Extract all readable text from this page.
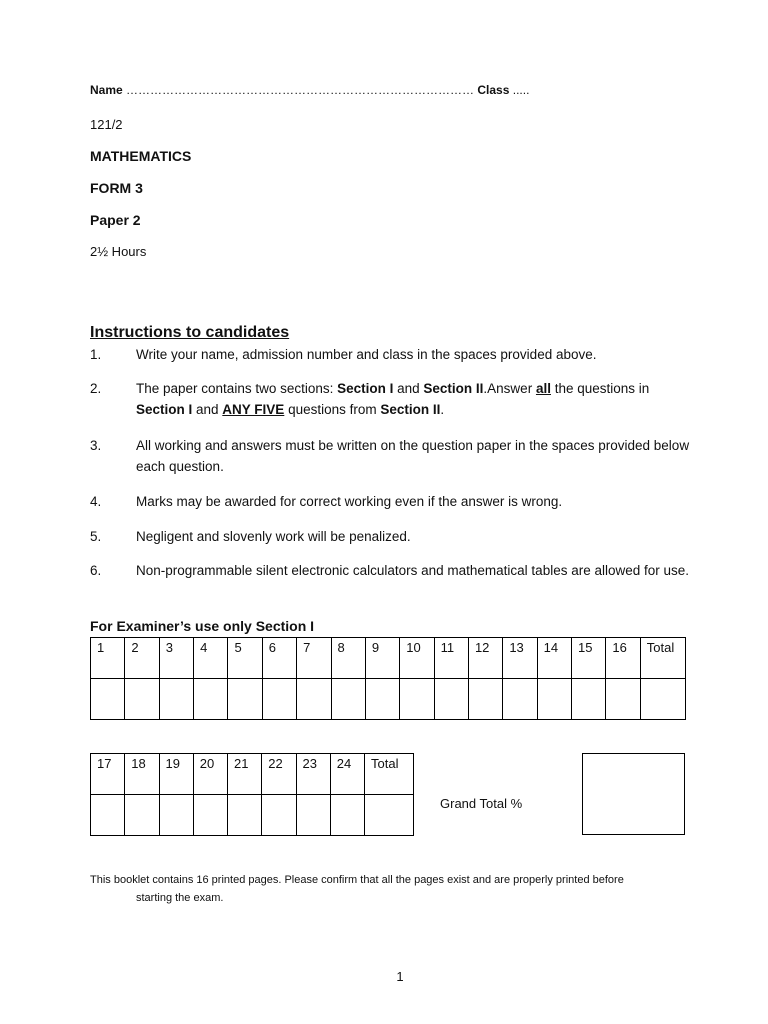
Name …………………………………………………………………………… Class .....
121/2
MATHEMATICS
FORM 3
Paper 2
2½ Hours
Instructions to candidates
1.	Write your name, admission number and class in the spaces provided above.
2.	The paper contains two sections: Section I and Section II.Answer all the questions in Section I and ANY FIVE questions from Section II.
3.	All working and answers must be written on the question paper in the spaces provided below each question.
4.	Marks may be awarded for correct working even if the answer is wrong.
5.	Negligent and slovenly work will be penalized.
6.	Non-programmable silent electronic calculators and mathematical tables are allowed for use.
For Examiner’s use only Section I
1	2	3	4	5	6	7	8	9	10	11	12	13	14	15	16	Total

17	18	19	20	21	22	23	24	Total

Grand Total %
This booklet contains 16 printed pages. Please confirm that all the pages exist and are properly printed before
starting the exam.
1
